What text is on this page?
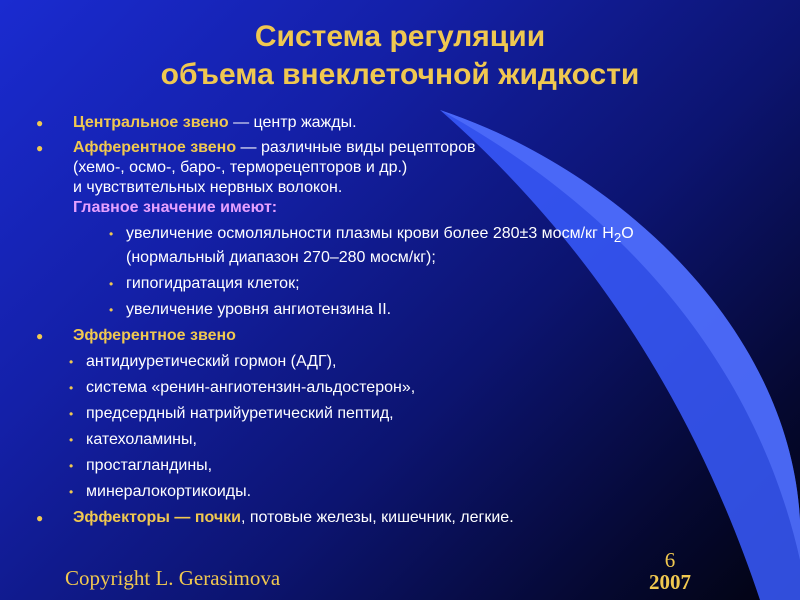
Система регуляции
объема внеклеточной жидкости
● Центральное звено — центр жажды.
● Афферентное звено — различные виды рецепторов
(хемо-, осмо-, баро-, терморецепторов и др.)
и чувствительных нервных волокон.
Главное значение имеют:
• увеличение осмоляльности плазмы крови более 280±3 мосм/кг $Н_2О$
(нормальный диапазон 270–280 мосм/кг);
• гипогидратация клеток;
• увеличение уровня ангиотензина II.
● Эфферентное звено
• антидиуретический гормон (АДГ),
• система «ренин-ангиотензин-альдостерон»,
• предсердный натрийуретический пептид,
• катехоламины,
• простагландины,
• минералокортикоиды.
● Эффекторы — почки, потовые железы, кишечник, легкие.
Copyright L. Gerasimova
6
2007
